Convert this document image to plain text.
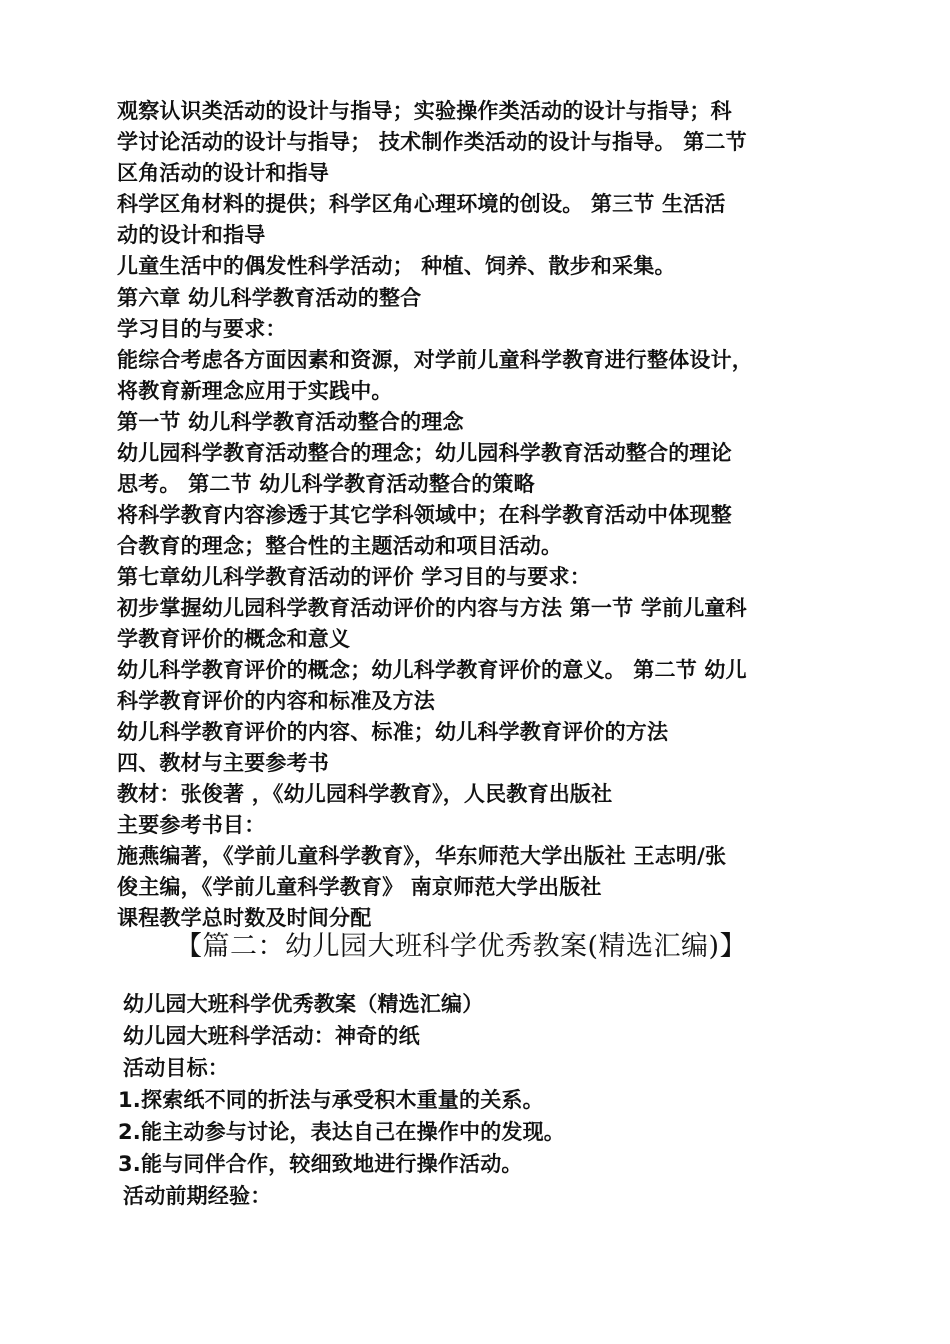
观察认识类活动的设计与指导；实验操作类活动的设计与指导；科
学讨论活动的设计与指导； 技术制作类活动的设计与指导。 第二节
区角活动的设计和指导
科学区角材料的提供；科学区角心理环境的创设。 第三节 生活活
动的设计和指导
儿童生活中的偶发性科学活动； 种植、饲养、散步和采集。
第六章 幼儿科学教育活动的整合
学习目的与要求：
能综合考虑各方面因素和资源，对学前儿童科学教育进行整体设计，
将教育新理念应用于实践中。
第一节 幼儿科学教育活动整合的理念
幼儿园科学教育活动整合的理念；幼儿园科学教育活动整合的理论
思考。 第二节 幼儿科学教育活动整合的策略
将科学教育内容渗透于其它学科领域中；在科学教育活动中体现整
合教育的理念；整合性的主题活动和项目活动。
第七章幼儿科学教育活动的评价 学习目的与要求：
初步掌握幼儿园科学教育活动评价的内容与方法 第一节 学前儿童科
学教育评价的概念和意义
幼儿科学教育评价的概念；幼儿科学教育评价的意义。 第二节 幼儿
科学教育评价的内容和标准及方法
幼儿科学教育评价的内容、标准；幼儿科学教育评价的方法
四、教材与主要参考书
教材：张俊著 ，《幼儿园科学教育》，人民教育出版社
主要参考书目：
施燕编著，《学前儿童科学教育》，华东师范大学出版社 王志明/张
俊主编，《学前儿童科学教育》 南京师范大学出版社
课程教学总时数及时间分配
【篇二：幼儿园大班科学优秀教案(精选汇编)】
幼儿园大班科学优秀教案（精选汇编）
幼儿园大班科学活动：神奇的纸
活动目标：
1.探索纸不同的折法与承受积木重量的关系。
2.能主动参与讨论，表达自己在操作中的发现。
3.能与同伴合作，较细致地进行操作活动。
活动前期经验：
